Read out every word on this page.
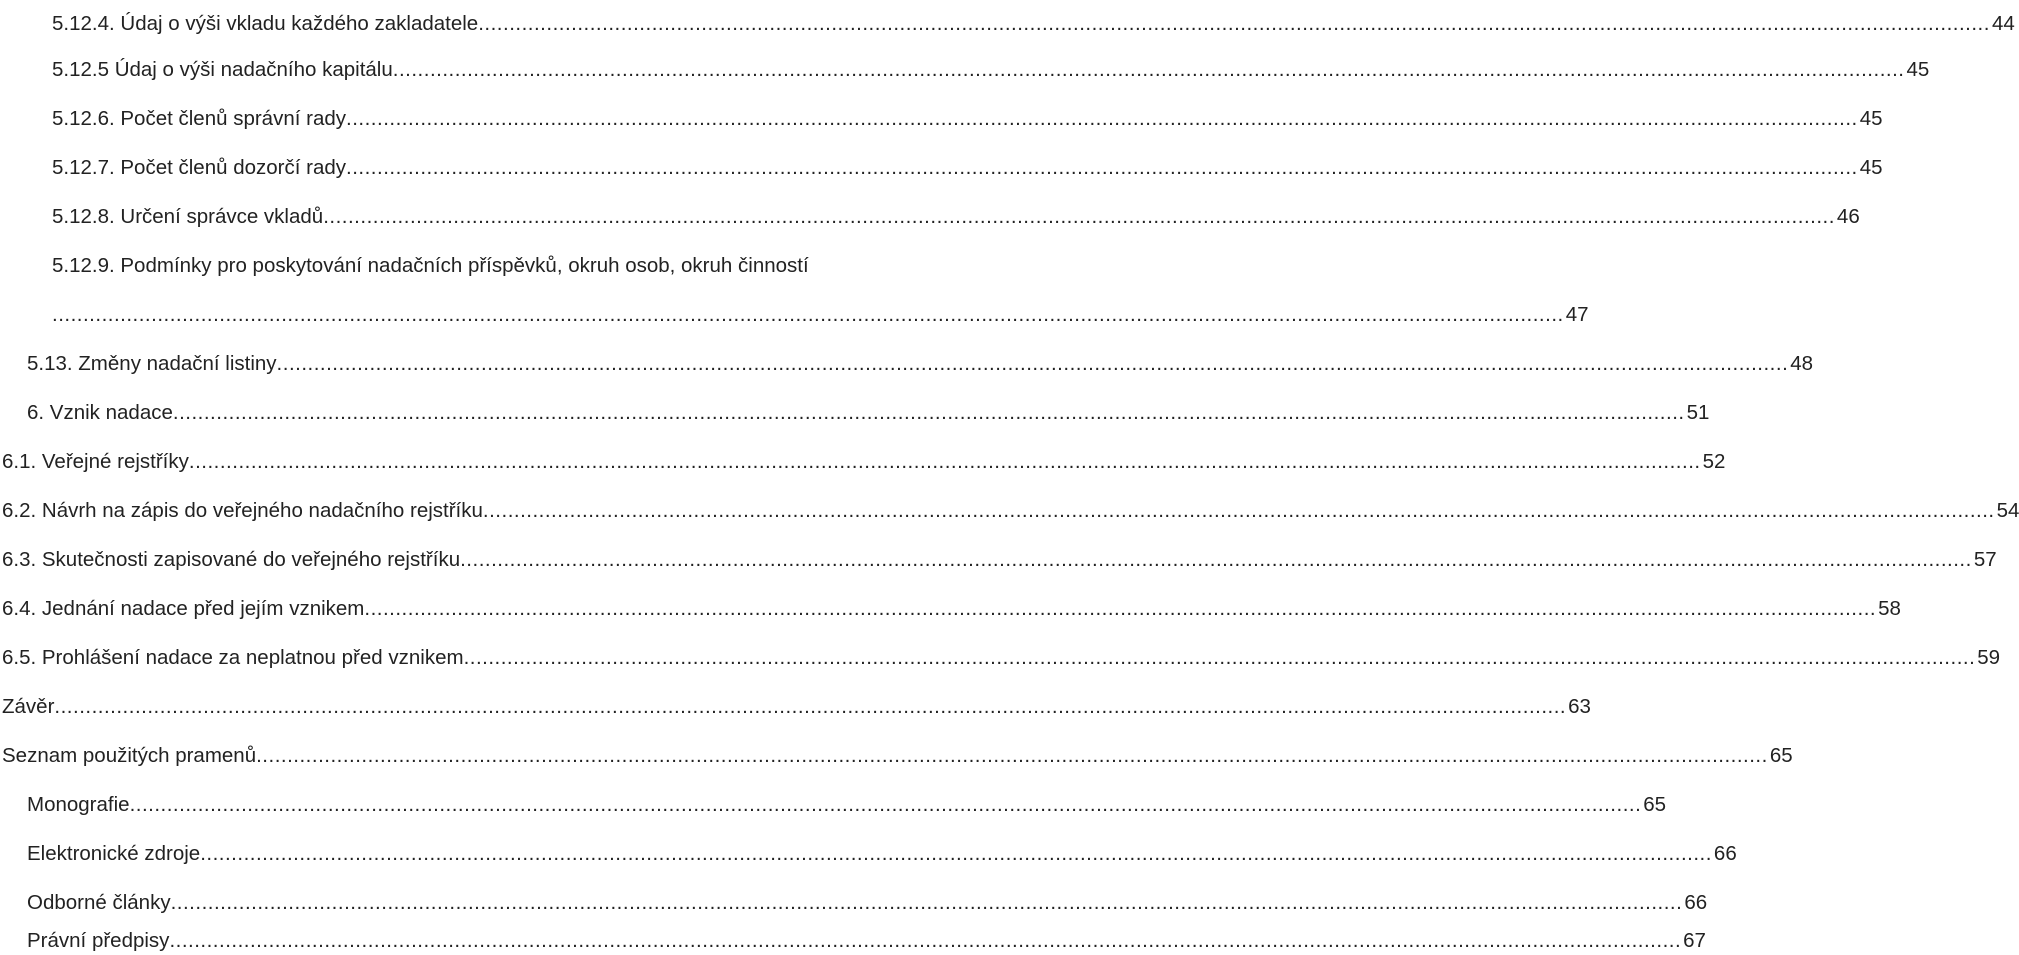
5.12.4. Údaj o výši vkladu každého zakladatele .................................................................................................................................................................................................................................................... 44
5.12.5 Údaj o výši nadačního kapitálu .................................................................................................................................................................................................................................................... 45
5.12.6. Počet členů správní rady .................................................................................................................................................................................................................................................... 45
5.12.7. Počet členů dozorčí rady .................................................................................................................................................................................................................................................... 45
5.12.8. Určení správce vkladů .................................................................................................................................................................................................................................................... 46
5.12.9. Podmínky pro poskytování nadačních příspěvků, okruh osob, okruh činností
.................................................................................................................................................................................................................................................... 47
5.13. Změny nadační listiny .................................................................................................................................................................................................................................................... 48
6. Vznik nadace .................................................................................................................................................................................................................................................... 51
6.1. Veřejné rejstříky .................................................................................................................................................................................................................................................... 52
6.2. Návrh na zápis do veřejného nadačního rejstříku .................................................................................................................................................................................................................................................... 54
6.3. Skutečnosti zapisované do veřejného rejstříku .................................................................................................................................................................................................................................................... 57
6.4. Jednání nadace před jejím vznikem .................................................................................................................................................................................................................................................... 58
6.5. Prohlášení nadace za neplatnou před vznikem .................................................................................................................................................................................................................................................... 59
Závěr .................................................................................................................................................................................................................................................... 63
Seznam použitých pramenů .................................................................................................................................................................................................................................................... 65
Monografie .................................................................................................................................................................................................................................................... 65
Elektronické zdroje .................................................................................................................................................................................................................................................... 66
Odborné články .................................................................................................................................................................................................................................................... 66
Právní předpisy .................................................................................................................................................................................................................................................... 67
